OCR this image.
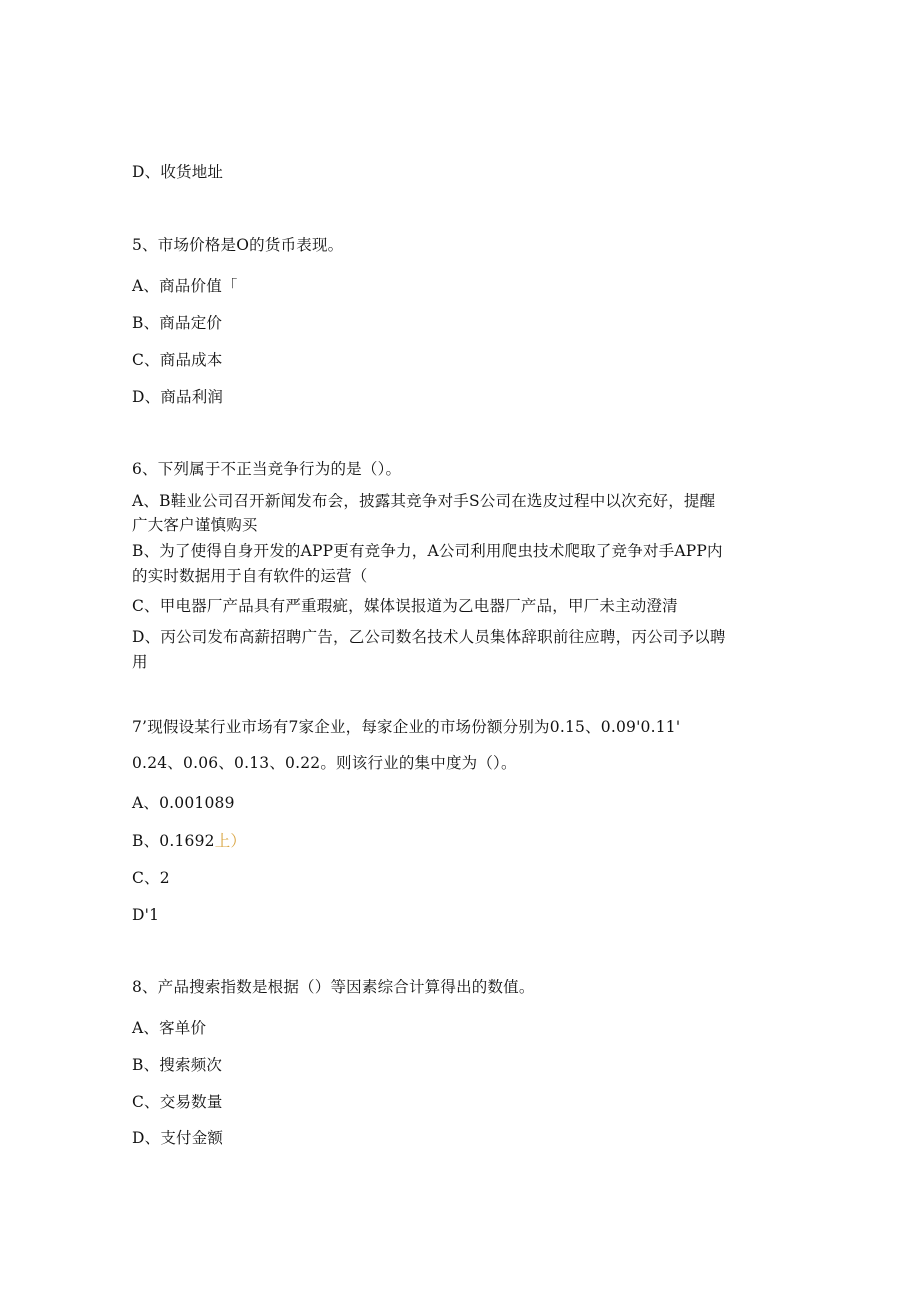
D、收货地址
5、市场价格是O的货币表现。
A、商品价值「
B、商品定价
C、商品成本
D、商品利润
6、下列属于不正当竞争行为的是（）。
A、B鞋业公司召开新闻发布会，披露其竞争对手S公司在选皮过程中以次充好，提醒
广大客户谨慎购买
B、为了使得自身开发的APP更有竞争力，A公司利用爬虫技术爬取了竞争对手APP内
的实时数据用于自有软件的运营（
C、甲电器厂产品具有严重瑕疵，媒体误报道为乙电器厂产品，甲厂未主动澄清
D、丙公司发布高薪招聘广告，乙公司数名技术人员集体辞职前往应聘，丙公司予以聘
用
7’现假设某行业市场有7家企业，每家企业的市场份额分别为0.15、0.09'0.11'
0.24、0.06、0.13、0.22。则该行业的集中度为（）。
A、0.001089
B、0.1692上）
C、2
D'1
8、产品搜索指数是根据（）等因素综合计算得出的数值。
A、客单价
B、搜索频次
C、交易数量
D、支付金额
